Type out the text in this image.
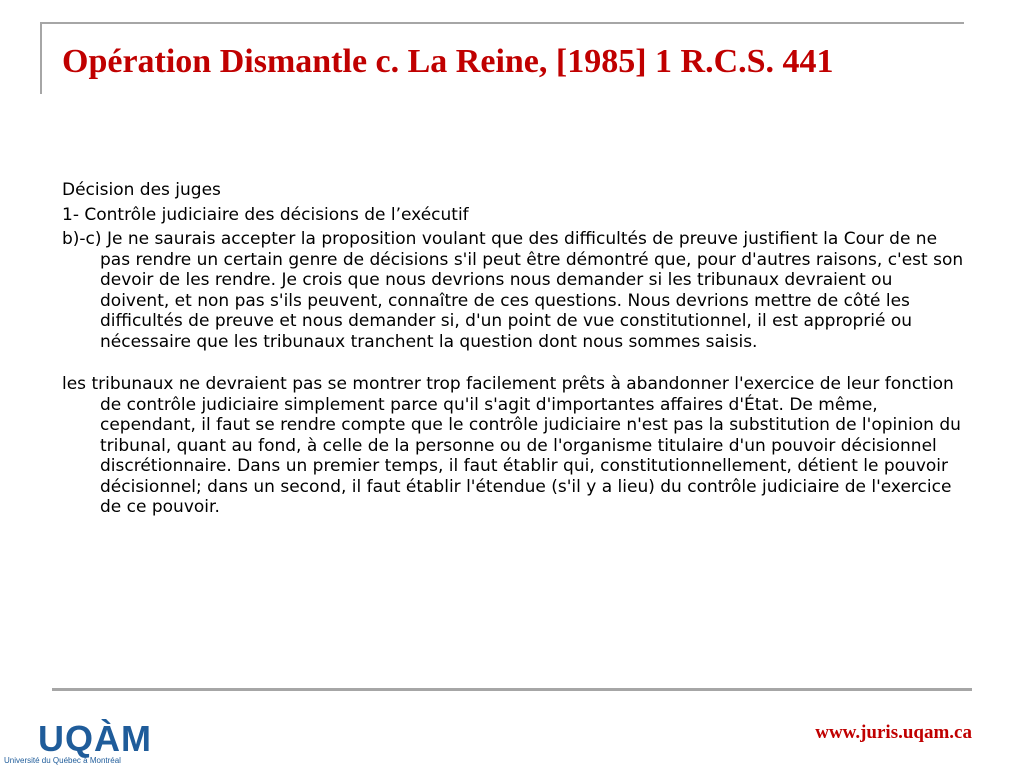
Opération Dismantle c. La Reine, [1985] 1 R.C.S. 441

Décision des juges

1- Contrôle judiciaire des décisions de l’exécutif

b)-c) Je ne saurais accepter la proposition voulant que des difficultés de preuve justifient la Cour de ne pas rendre un certain genre de décisions s'il peut être démontré que, pour d'autres raisons, c'est son devoir de les rendre. Je crois que nous devrions nous demander si les tribunaux devraient ou doivent, et non pas s'ils peuvent, connaître de ces questions. Nous devrions mettre de côté les difficultés de preuve et nous demander si, d'un point de vue constitutionnel, il est approprié ou nécessaire que les tribunaux tranchent la question dont nous sommes saisis.

les tribunaux ne devraient pas se montrer trop facilement prêts à abandonner l'exercice de leur fonction de contrôle judiciaire simplement parce qu'il s'agit d'importantes affaires d'État. De même, cependant, il faut se rendre compte que le contrôle judiciaire n'est pas la substitution de l'opinion du tribunal, quant au fond, à celle de la personne ou de l'organisme titulaire d'un pouvoir décisionnel discrétionnaire. Dans un premier temps, il faut établir qui, constitutionnellement, détient le pouvoir décisionnel; dans un second, il faut établir l'étendue (s'il y a lieu) du contrôle judiciaire de l'exercice de ce pouvoir.

UQÀM
Université du Québec à Montréal
www.juris.uqam.ca
